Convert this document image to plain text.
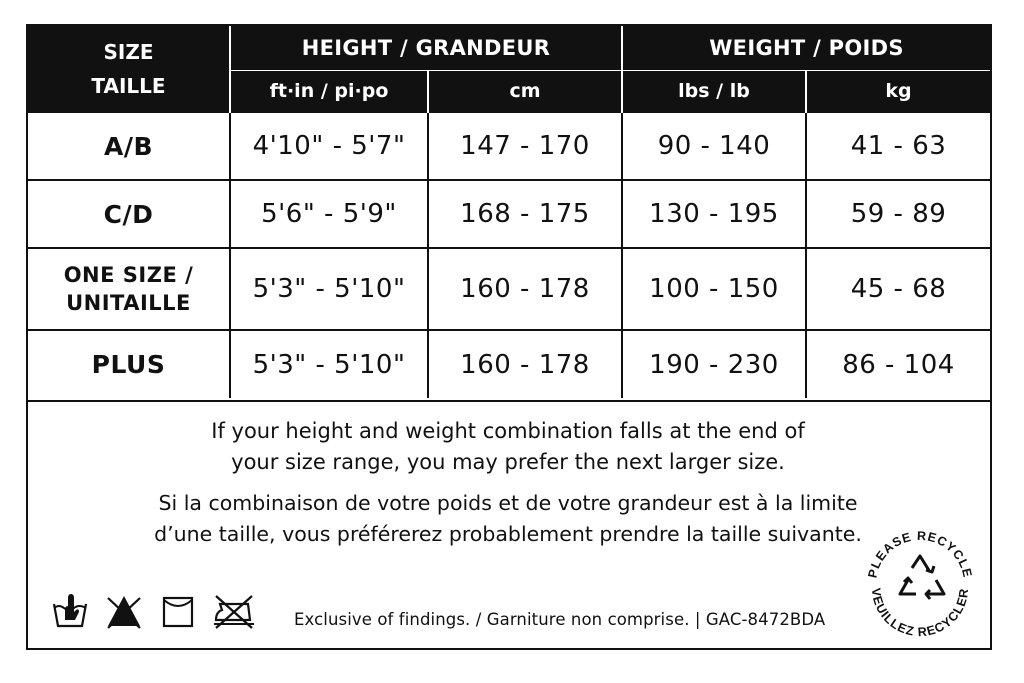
SIZE
TAILLE	HEIGHT / GRANDEUR		WEIGHT / POIDS	
	ft·in / pi·po	cm	lbs / lb	kg
A/B	4'10" - 5'7"	147 - 170	90 - 140	41 - 63
C/D	5'6" - 5'9"	168 - 175	130 - 195	59 - 89

ONE SIZE /
UNITAILLE	5'3" - 5'10"	160 - 178	100 - 150	45 - 68
PLUS	5'3" - 5'10"	160 - 178	190 - 230	86 - 104
If your height and weight combination falls at the end of
your size range, you may prefer the next larger size.
Si la combinaison de votre poids et de votre grandeur est à la limite
d’une taille, vous préférerez probablement prendre la taille suivante.
Exclusive of findings. / Garniture non comprise. | GAC-8472BDA
PLEASE RECYCLE
VEUILLEZ RECYCLER
